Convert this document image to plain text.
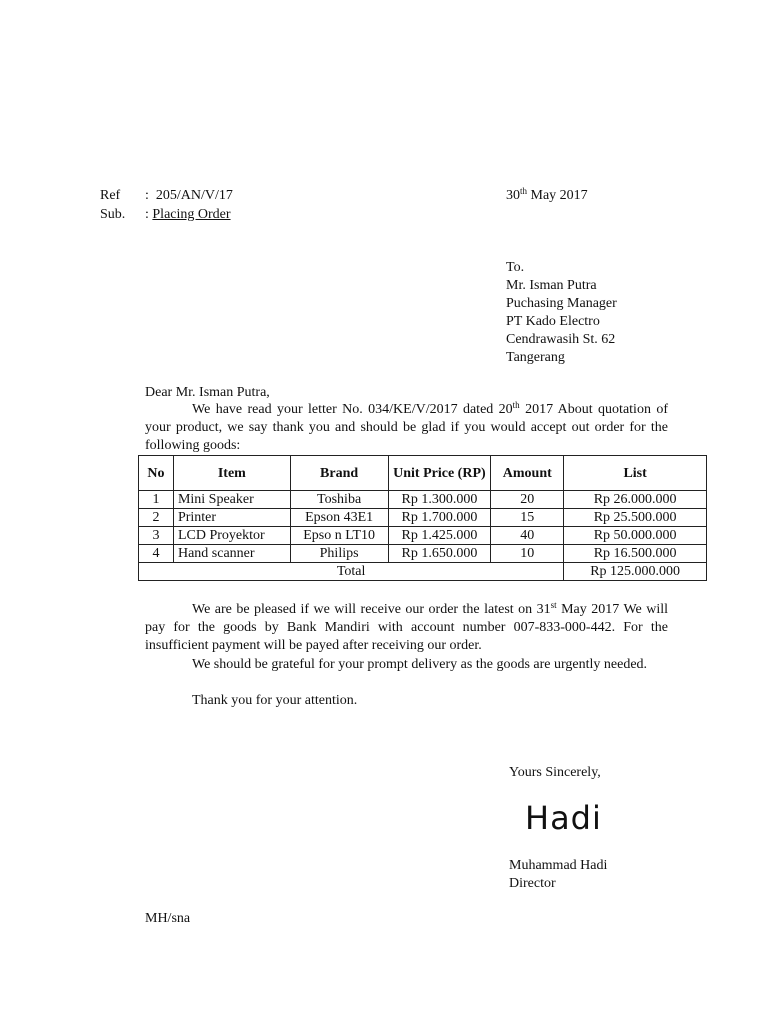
Ref : 205/AN/V/17
Sub. : Placing Order
30th May 2017
To.
Mr. Isman Putra
Puchasing Manager
PT Kado Electro
Cendrawasih St. 62
Tangerang
Dear Mr. Isman Putra,
We have read your letter No. 034/KE/V/2017 dated 20th 2017 About quotation of your product, we say thank you and should be glad if you would accept out order for the following goods:
No	Item	Brand	Unit Price (RP)	Amount	List
1	Mini Speaker	Toshiba	Rp 1.300.000	20	Rp 26.000.000
2	Printer	Epson 43E1	Rp 1.700.000	15	Rp 25.500.000
3	LCD Proyektor	Epso n LT10	Rp 1.425.000	40	Rp 50.000.000
4	Hand scanner	Philips	Rp 1.650.000	10	Rp 16.500.000
Total					Rp 125.000.000
We are be pleased if we will receive our order the latest on 31st May 2017 We will pay for the goods by Bank Mandiri with account number 007-833-000-442. For the insufficient payment will be payed after receiving our order.
We should be grateful for your prompt delivery as the goods are urgently needed.
Thank you for your attention.
Yours Sincerely,
Hadi
Muhammad Hadi
Director
MH/sna
